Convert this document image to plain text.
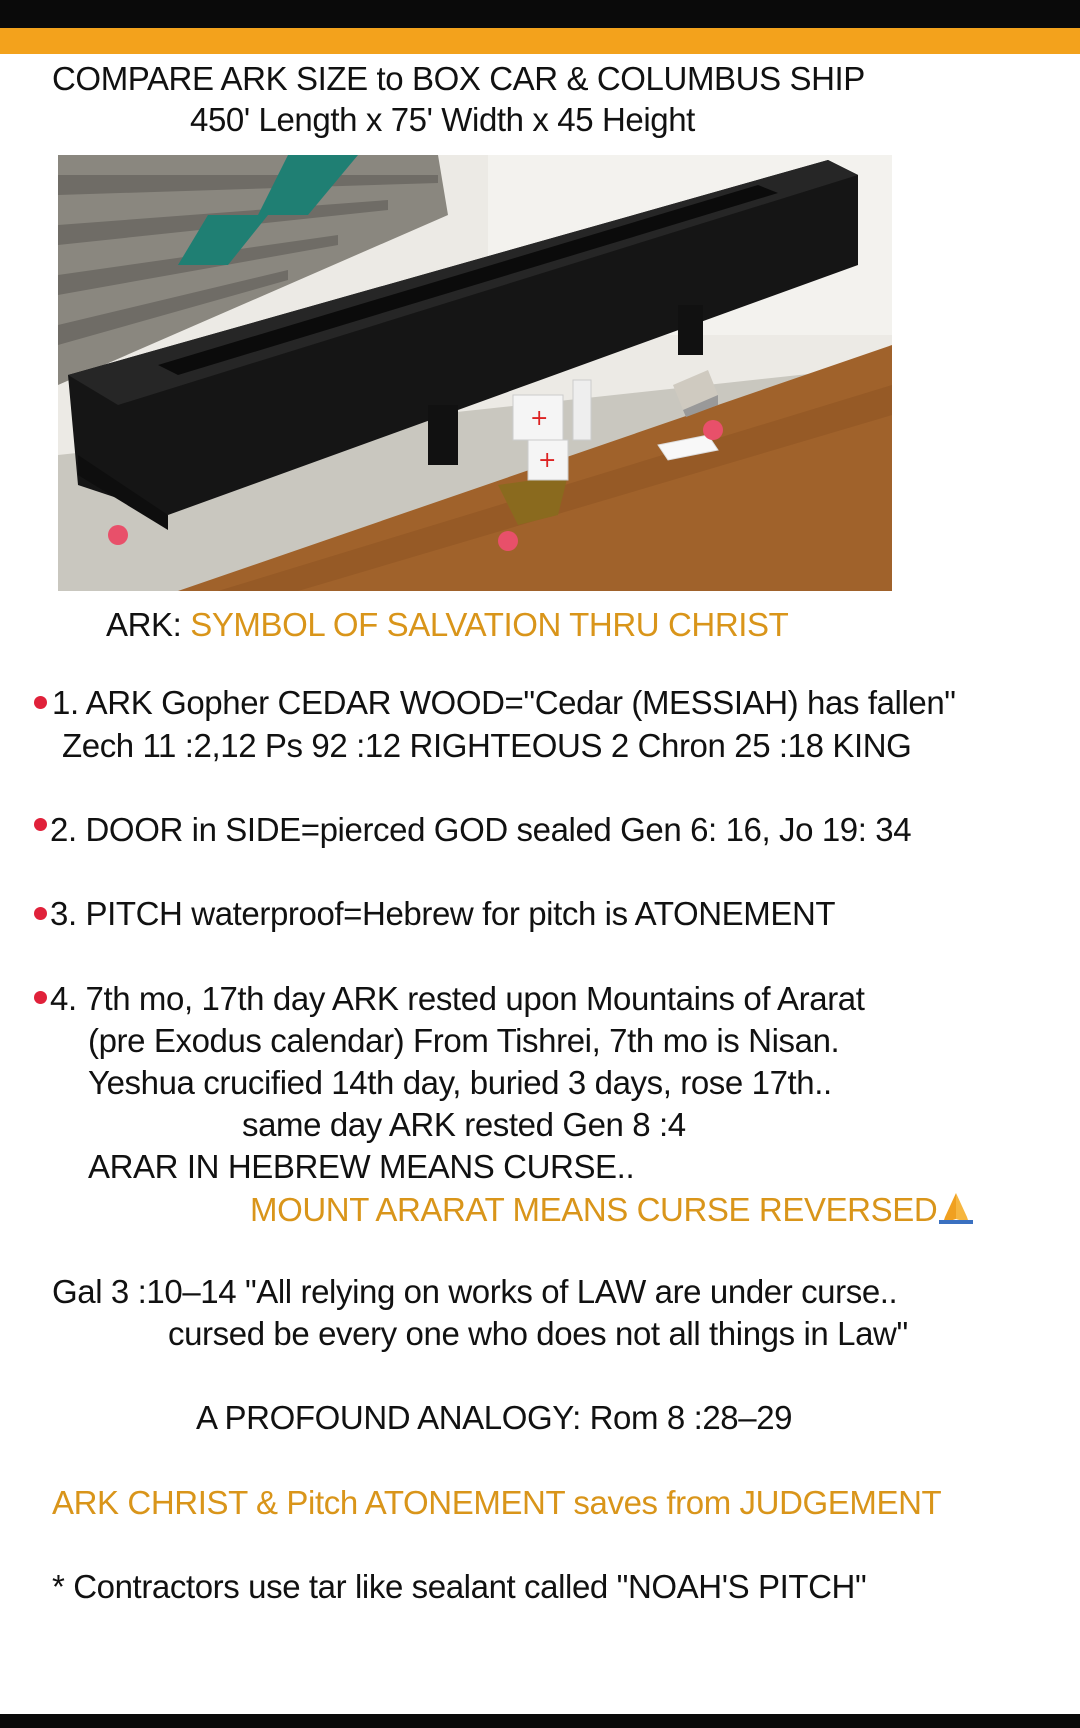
COMPARE ARK SIZE to BOX CAR & COLUMBUS SHIP
450' Length x 75' Width x 45 Height
+
+
ARK: SYMBOL OF SALVATION THRU CHRIST
1. ARK Gopher CEDAR WOOD="Cedar (MESSIAH) has fallen"
Zech 11 :2,12 Ps 92 :12 RIGHTEOUS 2 Chron 25 :18 KING
2. DOOR in SIDE=pierced GOD sealed Gen 6: 16, Jo 19: 34
3. PITCH waterproof=Hebrew for pitch is ATONEMENT
4. 7th mo, 17th day ARK rested upon Mountains of Ararat
(pre Exodus calendar) From Tishrei, 7th mo is Nisan.
Yeshua crucified 14th day, buried 3 days, rose 17th..
same day ARK rested Gen 8 :4
ARAR IN HEBREW MEANS CURSE..
MOUNT ARARAT MEANS CURSE REVERSED
Gal 3 :10–14 "All relying on works of LAW are under curse..
cursed be every one who does not all things in Law"
A PROFOUND ANALOGY: Rom 8 :28–29
ARK CHRIST & Pitch ATONEMENT saves from JUDGEMENT
* Contractors use tar like sealant called "NOAH'S PITCH"
